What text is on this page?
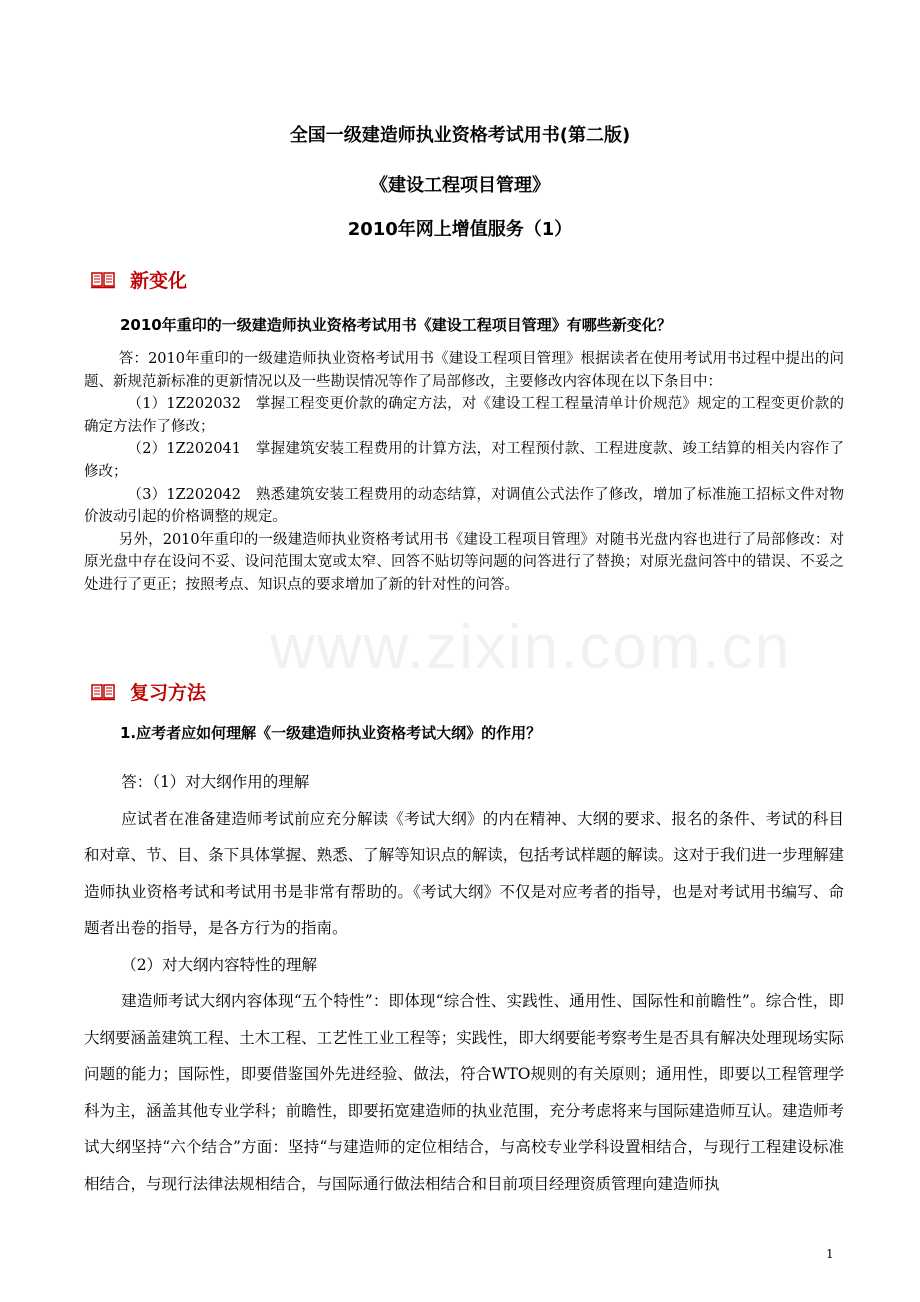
www.zixin.com.cn
全国一级建造师执业资格考试用书(第二版)
《建设工程项目管理》
2010年网上增值服务（1）
新变化

2010年重印的一级建造师执业资格考试用书《建设工程项目管理》有哪些新变化？

答：2010年重印的一级建造师执业资格考试用书《建设工程项目管理》根据读者在使用考试用书过程中提出的问题、新规范新标准的更新情况以及一些勘误情况等作了局部修改，主要修改内容体现在以下条目中：

（1）1Z202032　掌握工程变更价款的确定方法，对《建设工程工程量清单计价规范》规定的工程变更价款的确定方法作了修改；

（2）1Z202041　掌握建筑安装工程费用的计算方法，对工程预付款、工程进度款、竣工结算的相关内容作了修改；

（3）1Z202042　熟悉建筑安装工程费用的动态结算，对调值公式法作了修改，增加了标准施工招标文件对物价波动引起的价格调整的规定。

另外，2010年重印的一级建造师执业资格考试用书《建设工程项目管理》对随书光盘内容也进行了局部修改：对原光盘中存在设问不妥、设问范围太宽或太窄、回答不贴切等问题的问答进行了替换；对原光盘问答中的错误、不妥之处进行了更正；按照考点、知识点的要求增加了新的针对性的问答。

复习方法

1.应考者应如何理解《一级建造师执业资格考试大纲》的作用？

答：（1）对大纲作用的理解

应试者在准备建造师考试前应充分解读《考试大纲》的内在精神、大纲的要求、报名的条件、考试的科目和对章、节、目、条下具体掌握、熟悉、了解等知识点的解读，包括考试样题的解读。这对于我们进一步理解建造师执业资格考试和考试用书是非常有帮助的。《考试大纲》不仅是对应考者的指导，也是对考试用书编写、命题者出卷的指导，是各方行为的指南。

（2）对大纲内容特性的理解

建造师考试大纲内容体现“五个特性”：即体现“综合性、实践性、通用性、国际性和前瞻性”。综合性，即大纲要涵盖建筑工程、土木工程、工艺性工业工程等；实践性，即大纲要能考察考生是否具有解决处理现场实际问题的能力；国际性，即要借鉴国外先进经验、做法，符合WTO规则的有关原则；通用性，即要以工程管理学科为主，涵盖其他专业学科；前瞻性，即要拓宽建造师的执业范围，充分考虑将来与国际建造师互认。建造师考试大纲坚持“六个结合”方面：坚持“与建造师的定位相结合，与高校专业学科设置相结合，与现行工程建设标准相结合，与现行法律法规相结合，与国际通行做法相结合和目前项目经理资质管理向建造师执

1
